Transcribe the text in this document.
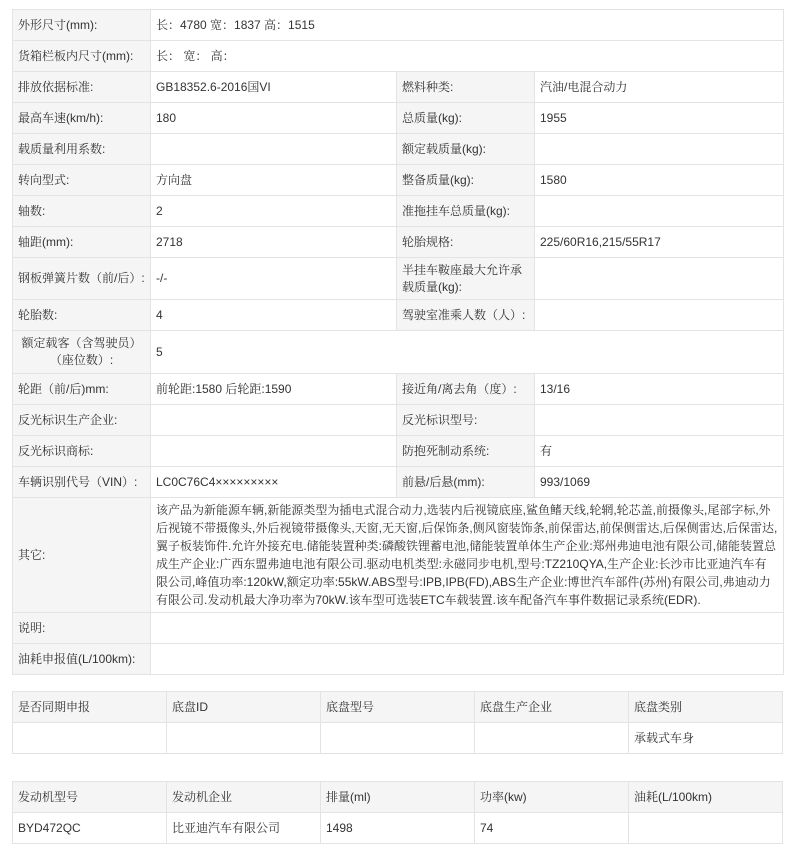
外形尺寸(mm):	长：4780 宽：1837 高：1515		
货箱栏板内尺寸(mm):	长： 宽： 高：		
排放依据标准:	GB18352.6-2016国VI	燃料种类:	汽油/电混合动力
最高车速(km/h):	180	总质量(kg):	1955
载质量利用系数:		额定载质量(kg):	
转向型式:	方向盘	整备质量(kg):	1580
轴数:	2	准拖挂车总质量(kg):	
轴距(mm):	2718	轮胎规格:	225/60R16,215/55R17
钢板弹簧片数（前/后）:	-/-	半挂车鞍座最大允许承载质量(kg):	
轮胎数:	4	驾驶室准乘人数（人）:	
额定载客（含驾驶员）（座位数）:	5		
轮距（前/后)mm:	前轮距:1580 后轮距:1590	接近角/离去角（度）:	13/16
反光标识生产企业:		反光标识型号:	
反光标识商标:		防抱死制动系统:	有
车辆识别代号（VIN）:	LC0C76C4×××××××××	前悬/后悬(mm):	993/1069
其它:	该产品为新能源车辆,新能源类型为插电式混合动力,选装内后视镜底座,鲨鱼鳍天线,轮辋,轮芯盖,前摄像头,尾部字标,外后视镜不带摄像头,外后视镜带摄像头,天窗,无天窗,后保饰条,侧风窗装饰条,前保雷达,前保侧雷达,后保侧雷达,后保雷达,翼子板装饰件.允许外接充电.储能装置种类:磷酸铁锂蓄电池,储能装置单体生产企业:郑州弗迪电池有限公司,储能装置总成生产企业:广西东盟弗迪电池有限公司.驱动电机类型:永磁同步电机,型号:TZ210QYA,生产企业:长沙市比亚迪汽车有限公司,峰值功率:120kW,额定功率:55kW.ABS型号:IPB,IPB(FD),ABS生产企业:博世汽车部件(苏州)有限公司,弗迪动力有限公司.发动机最大净功率为70kW.该车型可选装ETC车载装置.该车配备汽车事件数据记录系统(EDR).		
说明:			
油耗申报值(L/100km):			
是否同期申报	底盘ID	底盘型号	底盘生产企业	底盘类别
				承载式车身
发动机型号	发动机企业	排量(ml)	功率(kw)	油耗(L/100km)
BYD472QC	比亚迪汽车有限公司	1498	74	
